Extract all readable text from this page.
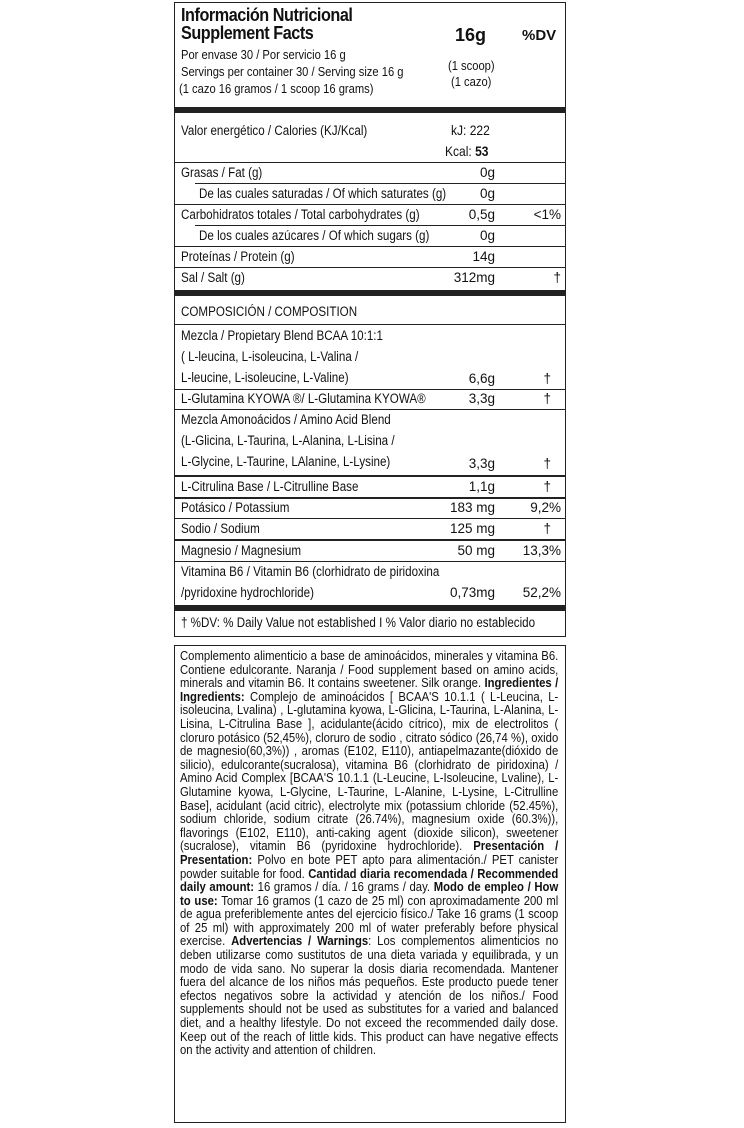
Información Nutricional
Supplement Facts	16g %DV
Por envase 30 / Por servicio 16 g
Servings per container 30 / Serving size 16 g
(1 cazo 16 gramos / 1 scoop 16 grams)
(1 scoop)
(1 cazo)
Valor energético / Calories (KJ/Kcal)	kJ: 222
Kcal: 53
Grasas / Fat (g)	0g
De las cuales saturadas / Of which saturates (g)	0g
Carbohidratos totales / Total carbohydrates (g)	0,5g	<1%
De los cuales azúcares / Of which sugars (g)	0g
Proteínas / Protein (g)	14g
Sal / Salt (g)	312mg	†
COMPOSICIÓN / COMPOSITION
Mezcla / Propietary Blend BCAA 10:1:1
( L-leucina, L-isoleucina, L-Valina /
L-leucine, L-isoleucine, L-Valine)	6,6g	†
L-Glutamina KYOWA ®/ L-Glutamina KYOWA®	3,3g	†
Mezcla Amonoácidos / Amino Acid Blend
(L-Glicina, L-Taurina, L-Alanina, L-Lisina /
L-Glycine, L-Taurine, LAlanine, L-Lysine)	3,3g	†
L-Citrulina Base / L-Citrulline Base	1,1g	†
Potásico / Potassium	183 mg	9,2%
Sodio / Sodium	125 mg	†
Magnesio / Magnesium	50 mg 13,3%
Vitamina B6 / Vitamin B6 (clorhidrato de piridoxina
/pyridoxine hydrochloride)	0,73mg 52,2%
† %DV: % Daily Value not established I % Valor diario no establecido
Complemento alimenticio a base de aminoácidos, minerales y vitamina B6. Contiene edulcorante. Naranja / Food supplement based on amino acids, minerals and vitamin B6. It contains sweetener. Silk orange. Ingredientes / Ingredients: Complejo de aminoácidos [ BCAA'S 10.1.1 ( L-Leucina, L-isoleucina, Lvalina) , L-glutamina kyowa, L-Glicina, L-Taurina, L-Alanina, L-Lisina, L-Citrulina Base ], acidulante(ácido cítrico), mix de electrolitos ( cloruro potásico (52,45%), cloruro de sodio , citrato sódico (26,74 %), oxido de magnesio(60,3%)) , aromas (E102, E110), antiapelmazante(dióxido de silicio), edulcorante(sucralosa), vitamina B6 (clorhidrato de piridoxina) / Amino Acid Complex [BCAA'S 10.1.1 (L-Leucine, L-Isoleucine, Lvaline), L-Glutamine kyowa, L-Glycine, L-Taurine, L-Alanine, L-Lysine, L-Citrulline Base], acidulant (acid citric), electrolyte mix (potassium chloride (52.45%), sodium chloride, sodium citrate (26.74%), magnesium oxide (60.3%)), flavorings (E102, E110), anti-caking agent (dioxide silicon), sweetener (sucralose), vitamin B6 (pyridoxine hydrochloride). Presentación / Presentation: Polvo en bote PET apto para alimentación./ PET canister powder suitable for food. Cantidad diaria recomendada / Recommended daily amount: 16 gramos / día. / 16 grams / day. Modo de empleo / How to use: Tomar 16 gramos (1 cazo de 25 ml) con aproximadamente 200 ml de agua preferiblemente antes del ejercicio físico./ Take 16 grams (1 scoop of 25 ml) with approximately 200 ml of water preferably before physical exercise. Advertencias / Warnings: Los complementos alimenticios no deben utilizarse como sustitutos de una dieta variada y equilibrada, y un modo de vida sano. No superar la dosis diaria recomendada. Mantener fuera del alcance de los niños más pequeños. Este producto puede tener efectos negativos sobre la actividad y atención de los niños./ Food supplements should not be used as substitutes for a varied and balanced diet, and a healthy lifestyle. Do not exceed the recommended daily dose. Keep out of the reach of little kids. This product can have negative effects on the activity and attention of children.
